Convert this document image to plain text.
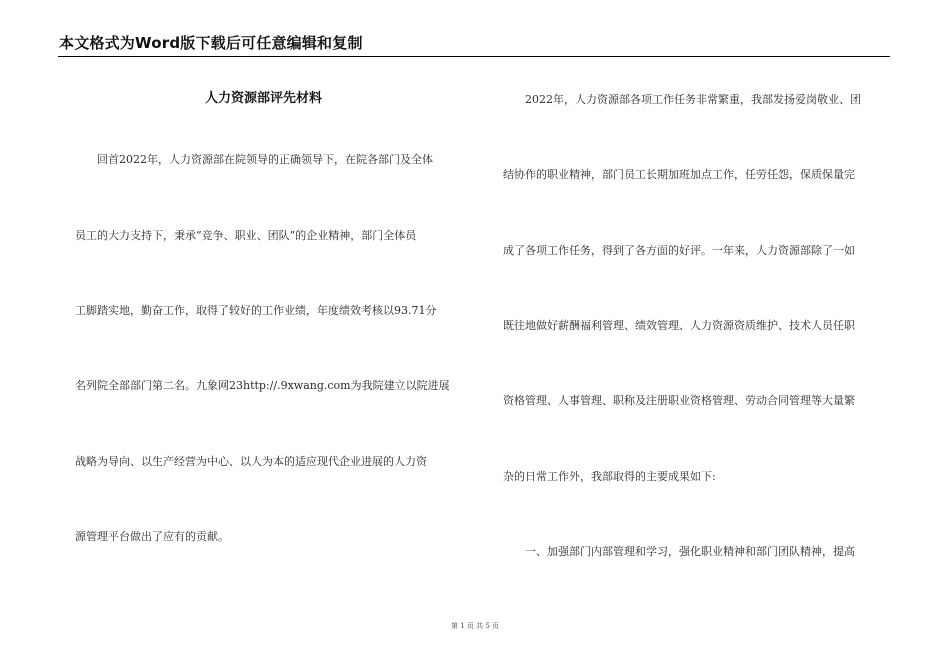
本文格式为Word版下载后可任意编辑和复制
人力资源部评先材料
　　回首2022年，人力资源部在院领导的正确领导下，在院各部门及全体
员工的大力支持下，秉承“竞争、职业、团队”的企业精神，部门全体员
工脚踏实地，勤奋工作，取得了较好的工作业绩，年度绩效考核以93.71分
名列院全部部门第二名。九象网23http://.9xwang.com为我院建立以院进展
战略为导向、以生产经营为中心、以人为本的适应现代企业进展的人力资
源管理平台做出了应有的贡献。
　　2022年，人力资源部各项工作任务非常繁重，我部发扬爱岗敬业、团
结协作的职业精神，部门员工长期加班加点工作，任劳任怨，保质保量完
成了各项工作任务，得到了各方面的好评。一年来，人力资源部除了一如
既往地做好薪酬福利管理、绩效管理、人力资源资质维护、技术人员任职
资格管理、人事管理、职称及注册职业资格管理、劳动合同管理等大量繁
杂的日常工作外，我部取得的主要成果如下:
　　一、加强部门内部管理和学习，强化职业精神和部门团队精神，提高
第 1 页 共 5 页
